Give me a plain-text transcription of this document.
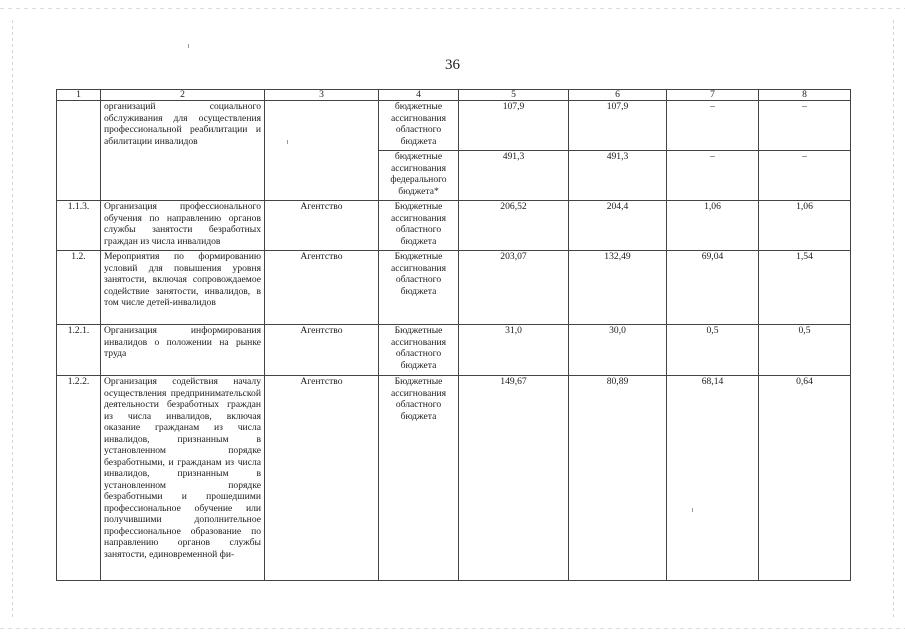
36
1	2	3	4	5	6	7	8
	организаций социального обслуживания для осуществления профессиональной реабилитации и абилитации инвалидов		бюджетные ассигнования областного бюджета	107,9	107,9	–	–
			бюджетные ассигнования федерального бюджета*	491,3	491,3	–	–
1.1.3.	Организация профессионального обучения по направлению органов службы занятости безработных граждан из числа инвалидов	Агентство	Бюджетные ассигнования областного бюджета	206,52	204,4	1,06	1,06
1.2.	Мероприятия по формированию условий для повышения уровня занятости, включая сопровождаемое содействие занятости, инвалидов, в том числе детей-инвалидов	Агентство	Бюджетные ассигнования областного бюджета	203,07	132,49	69,04	1,54
1.2.1.	Организация информирования инвалидов о положении на рынке труда	Агентство	Бюджетные ассигнования областного бюджета	31,0	30,0	0,5	0,5
1.2.2.	Организация содействия началу осуществления предпринимательской деятельности безработных граждан из числа инвалидов, включая оказание гражданам из числа инвалидов, признанным в установленном порядке безработными, и гражданам из числа инвалидов, признанным в установленном порядке безработными и прошедшими профессиональное обучение или получившими дополнительное профессиональное образование по направлению органов службы занятости, единовременной фи-	Агентство	Бюджетные ассигнования областного бюджета	149,67	80,89	68,14	0,64
